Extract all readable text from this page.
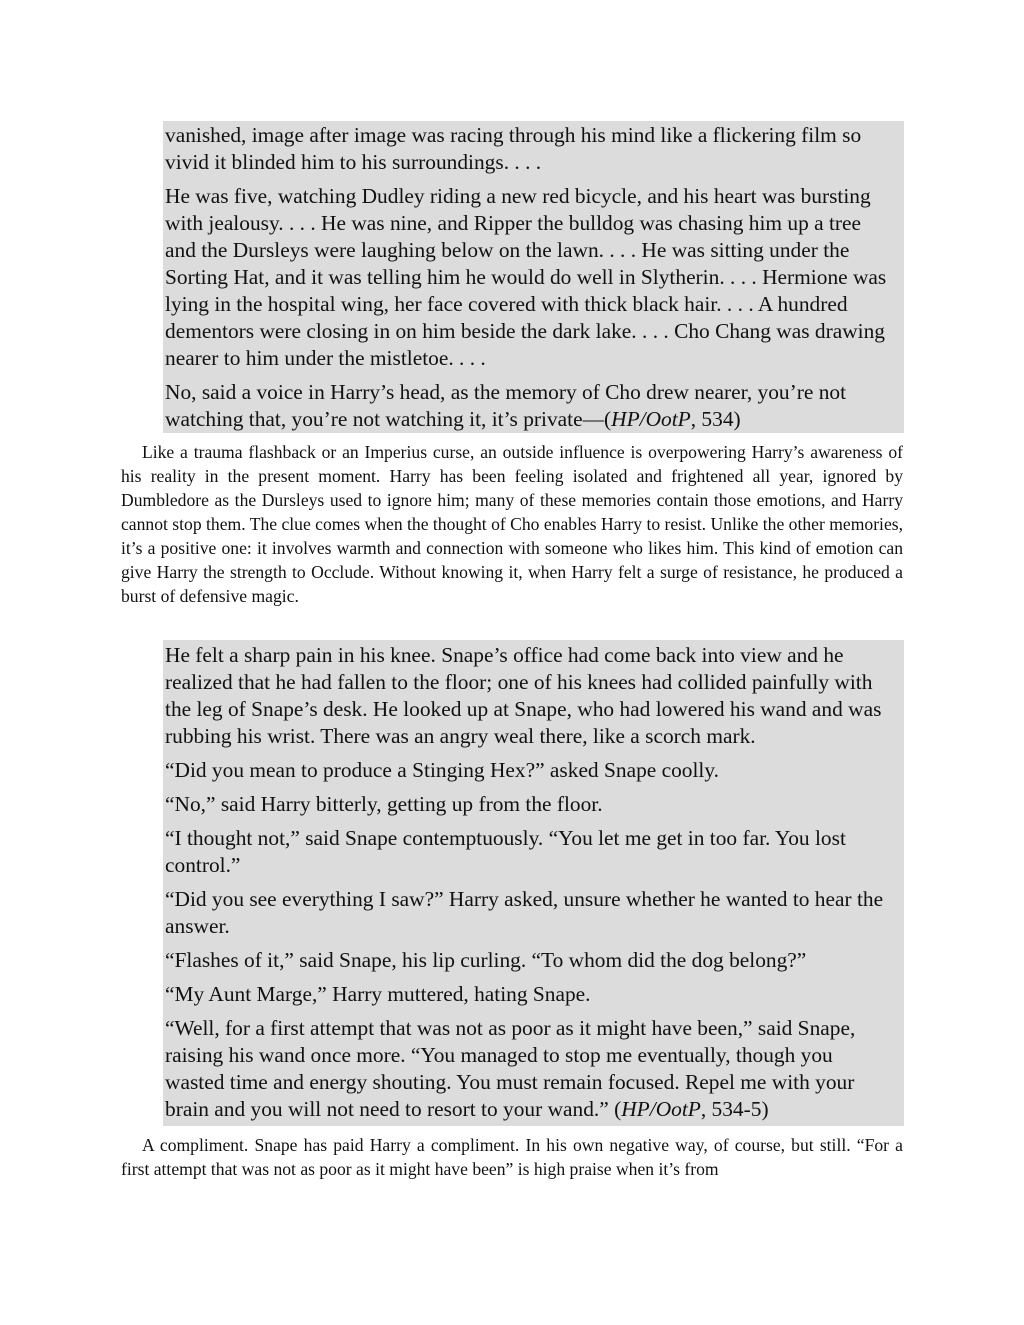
vanished, image after image was racing through his mind like a flickering film so vivid it blinded him to his surroundings. . . .

He was five, watching Dudley riding a new red bicycle, and his heart was bursting with jealousy. . . . He was nine, and Ripper the bulldog was chasing him up a tree and the Dursleys were laughing below on the lawn. . . . He was sitting under the Sorting Hat, and it was telling him he would do well in Slytherin. . . . Hermione was lying in the hospital wing, her face covered with thick black hair. . . . A hundred dementors were closing in on him beside the dark lake. . . . Cho Chang was drawing nearer to him under the mistletoe. . . .

No, said a voice in Harry’s head, as the memory of Cho drew nearer, you’re not watching that, you’re not watching it, it’s private—(HP/OotP, 534)

Like a trauma flashback or an Imperius curse, an outside influence is overpowering Harry’s awareness of his reality in the present moment. Harry has been feeling isolated and frightened all year, ignored by Dumbledore as the Dursleys used to ignore him; many of these memories contain those emotions, and Harry cannot stop them. The clue comes when the thought of Cho enables Harry to resist. Unlike the other memories, it’s a positive one: it involves warmth and connection with someone who likes him. This kind of emotion can give Harry the strength to Occlude. Without knowing it, when Harry felt a surge of resistance, he produced a burst of defensive magic.

He felt a sharp pain in his knee. Snape’s office had come back into view and he realized that he had fallen to the floor; one of his knees had collided painfully with the leg of Snape’s desk. He looked up at Snape, who had lowered his wand and was rubbing his wrist. There was an angry weal there, like a scorch mark.

“Did you mean to produce a Stinging Hex?” asked Snape coolly.

“No,” said Harry bitterly, getting up from the floor.

“I thought not,” said Snape contemptuously. “You let me get in too far. You lost control.”

“Did you see everything I saw?” Harry asked, unsure whether he wanted to hear the answer.

“Flashes of it,” said Snape, his lip curling. “To whom did the dog belong?”

“My Aunt Marge,” Harry muttered, hating Snape.

“Well, for a first attempt that was not as poor as it might have been,” said Snape, raising his wand once more. “You managed to stop me eventually, though you wasted time and energy shouting. You must remain focused. Repel me with your brain and you will not need to resort to your wand.” (HP/OotP, 534-5)

A compliment. Snape has paid Harry a compliment. In his own negative way, of course, but still. “For a first attempt that was not as poor as it might have been” is high praise when it’s from
